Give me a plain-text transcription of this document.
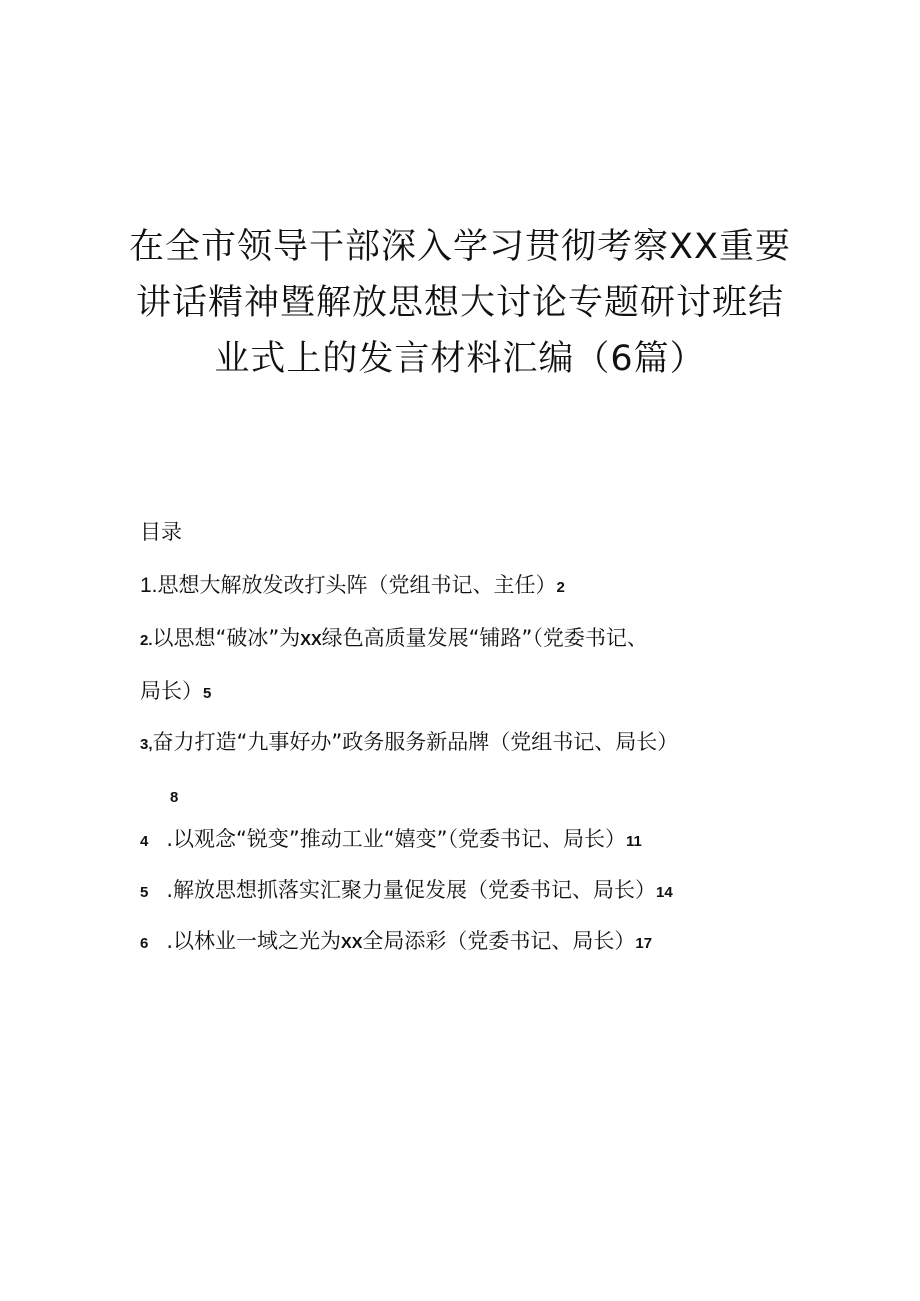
在全市领导干部深入学习贯彻考察XX重要
讲话精神暨解放思想大讨论专题研讨班结
业式上的发言材料汇编（6篇）
目录
1.思想大解放发改打头阵（党组书记、主任）2
2.以思想“破冰”为XX绿色高质量发展“铺路”（党委书记、
局长）5
3,奋力打造“九事好办”政务服务新品牌（党组书记、局长）
8
4 .以观念“锐变”推动工业“嬉变”（党委书记、局长）11
5 .解放思想抓落实汇聚力量促发展（党委书记、局长）14
6 .以林业一域之光为XX全局添彩（党委书记、局长）17
